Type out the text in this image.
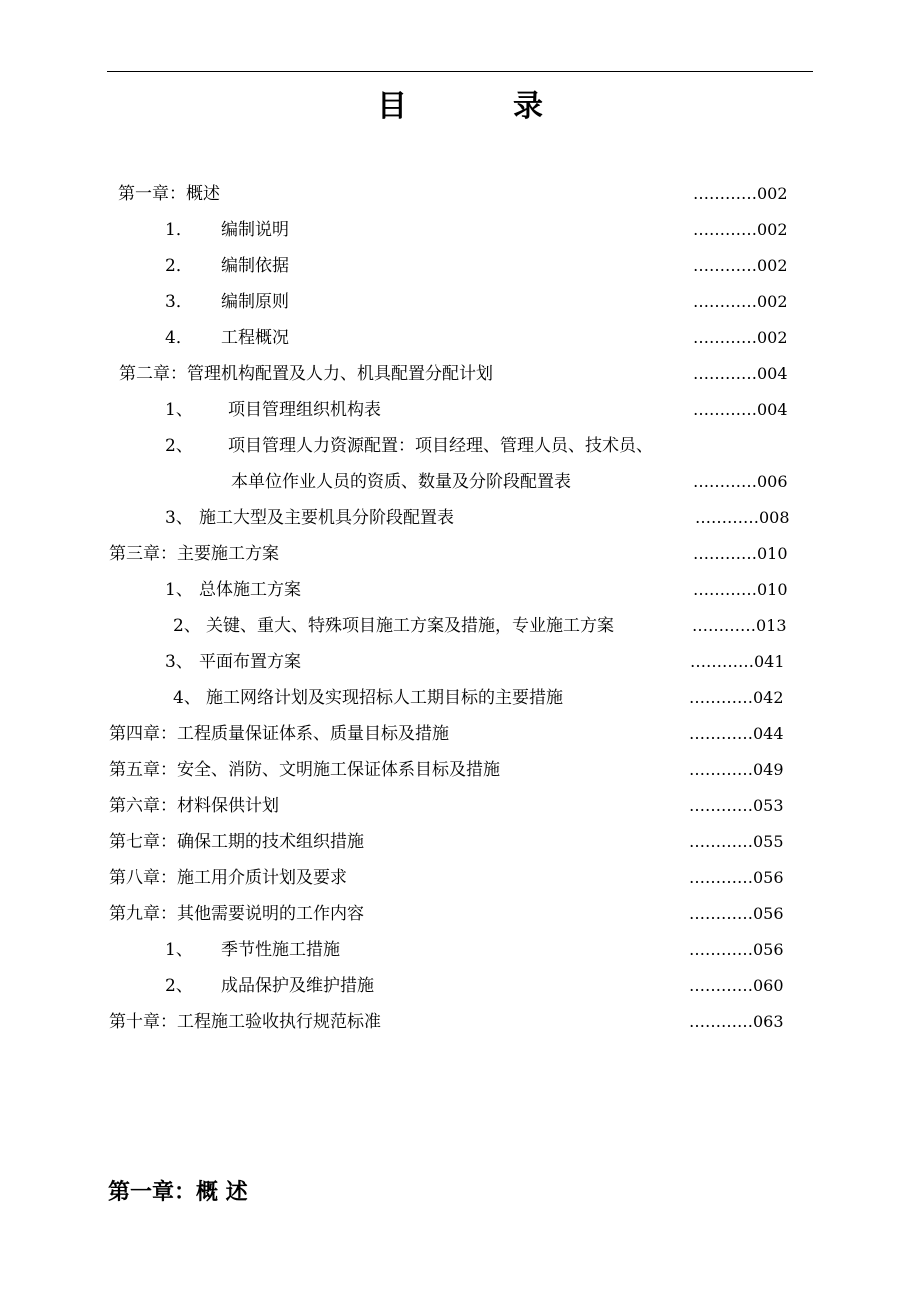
目　录
第一章：概述	…………002
1． 编制说明	…………002
2． 编制依据	…………002
3． 编制原则	…………002
4． 工程概况	…………002
第二章：管理机构配置及人力、机具配置分配计划	…………004
1、 项目管理组织机构表	…………004
2、 项目管理人力资源配置：项目经理、管理人员、技术员、
本单位作业人员的资质、数量及分阶段配置表	…………006
3、 施工大型及主要机具分阶段配置表	…………008
第三章：主要施工方案	…………010
1、 总体施工方案	…………010
2、 关键、重大、特殊项目施工方案及措施，专业施工方案	…………013
3、 平面布置方案	…………041
4、 施工网络计划及实现招标人工期目标的主要措施	…………042
第四章：工程质量保证体系、质量目标及措施	…………044
第五章：安全、消防、文明施工保证体系目标及措施	…………049
第六章：材料保供计划	…………053
第七章：确保工期的技术组织措施	…………055
第八章：施工用介质计划及要求	…………056
第九章：其他需要说明的工作内容	…………056
1、 季节性施工措施	…………056
2、 成品保护及维护措施	…………060
第十章：工程施工验收执行规范标准	…………063
第一章：概 述
